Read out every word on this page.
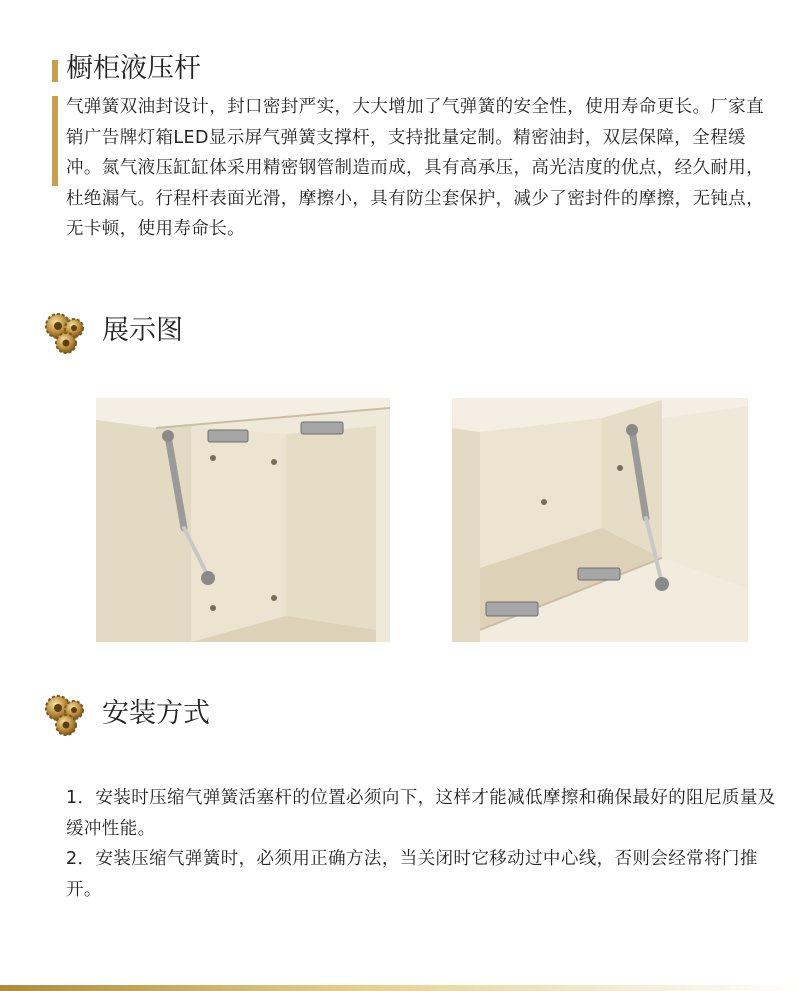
橱柜液压杆
气弹簧双油封设计，封口密封严实，大大增加了气弹簧的安全性，使用寿命更长。厂家直销广告牌灯箱LED显示屏气弹簧支撑杆，支持批量定制。精密油封，双层保障，全程缓冲。氮气液压缸缸体采用精密钢管制造而成，具有高承压，高光洁度的优点，经久耐用，杜绝漏气。行程杆表面光滑，摩擦小，具有防尘套保护，减少了密封件的摩擦，无钝点，无卡顿，使用寿命长。
展示图
安装方式

1．安装时压缩气弹簧活塞杆的位置必须向下，这样才能减低摩擦和确保最好的阻尼质量及缓冲性能。

2．安装压缩气弹簧时，必须用正确方法，当关闭时它移动过中心线，否则会经常将门推开。
